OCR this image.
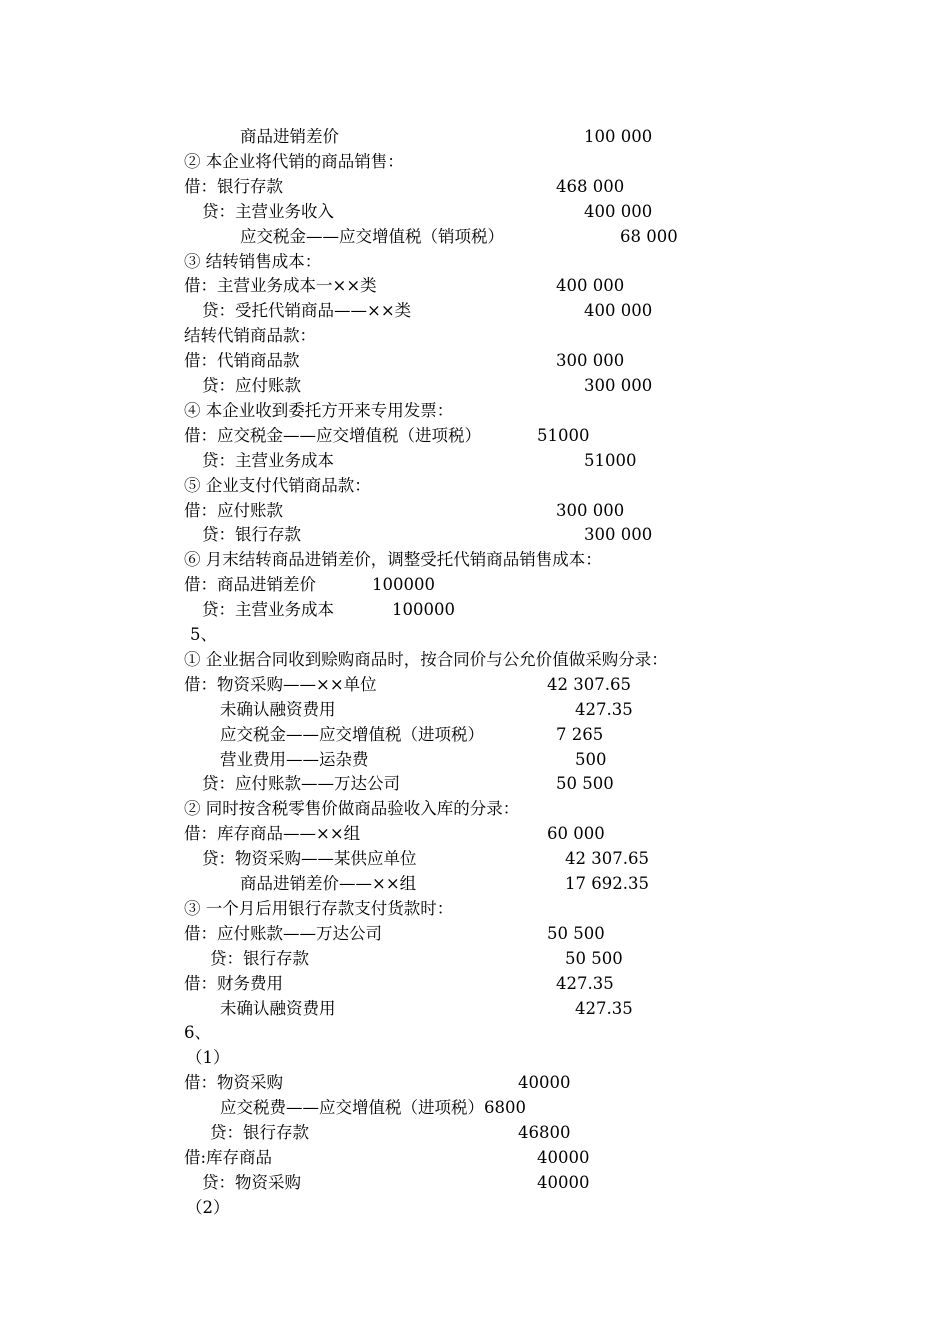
商品进销差价	100 000
② 本企业将代销的商品销售：
借：银行存款	468 000
贷：主营业务收入	400 000
应交税金——应交增值税（销项税）	68 000
③ 结转销售成本：
借：主营业务成本一××类	400 000
贷：受托代销商品——××类	400 000
结转代销商品款：
借：代销商品款	300 000
贷：应付账款	300 000
④ 本企业收到委托方开来专用发票：
借：应交税金——应交增值税（进项税）	51000
贷：主营业务成本	51000
⑤ 企业支付代销商品款：
借：应付账款	300 000
贷：银行存款	300 000
⑥ 月末结转商品进销差价，调整受托代销商品销售成本：
借：商品进销差价	100000
贷：主营业务成本	100000
5、
① 企业据合同收到赊购商品时，按合同价与公允价值做采购分录：
借：物资采购——××单位	42 307.65
未确认融资费用	427.35
应交税金——应交增值税（进项税）	7 265
营业费用——运杂费	500
贷：应付账款——万达公司	50 500
② 同时按含税零售价做商品验收入库的分录：
借：库存商品——××组	60 000
贷：物资采购——某供应单位	42 307.65
商品进销差价——××组	17 692.35
③ 一个月后用银行存款支付货款时：
借：应付账款——万达公司	50 500
贷：银行存款	50 500
借：财务费用	427.35
未确认融资费用	427.35
6、
（1）
借：物资采购	40000
应交税费——应交增值税（进项税）6800
贷：银行存款	46800
借:库存商品	40000
贷：物资采购	40000
（2）
